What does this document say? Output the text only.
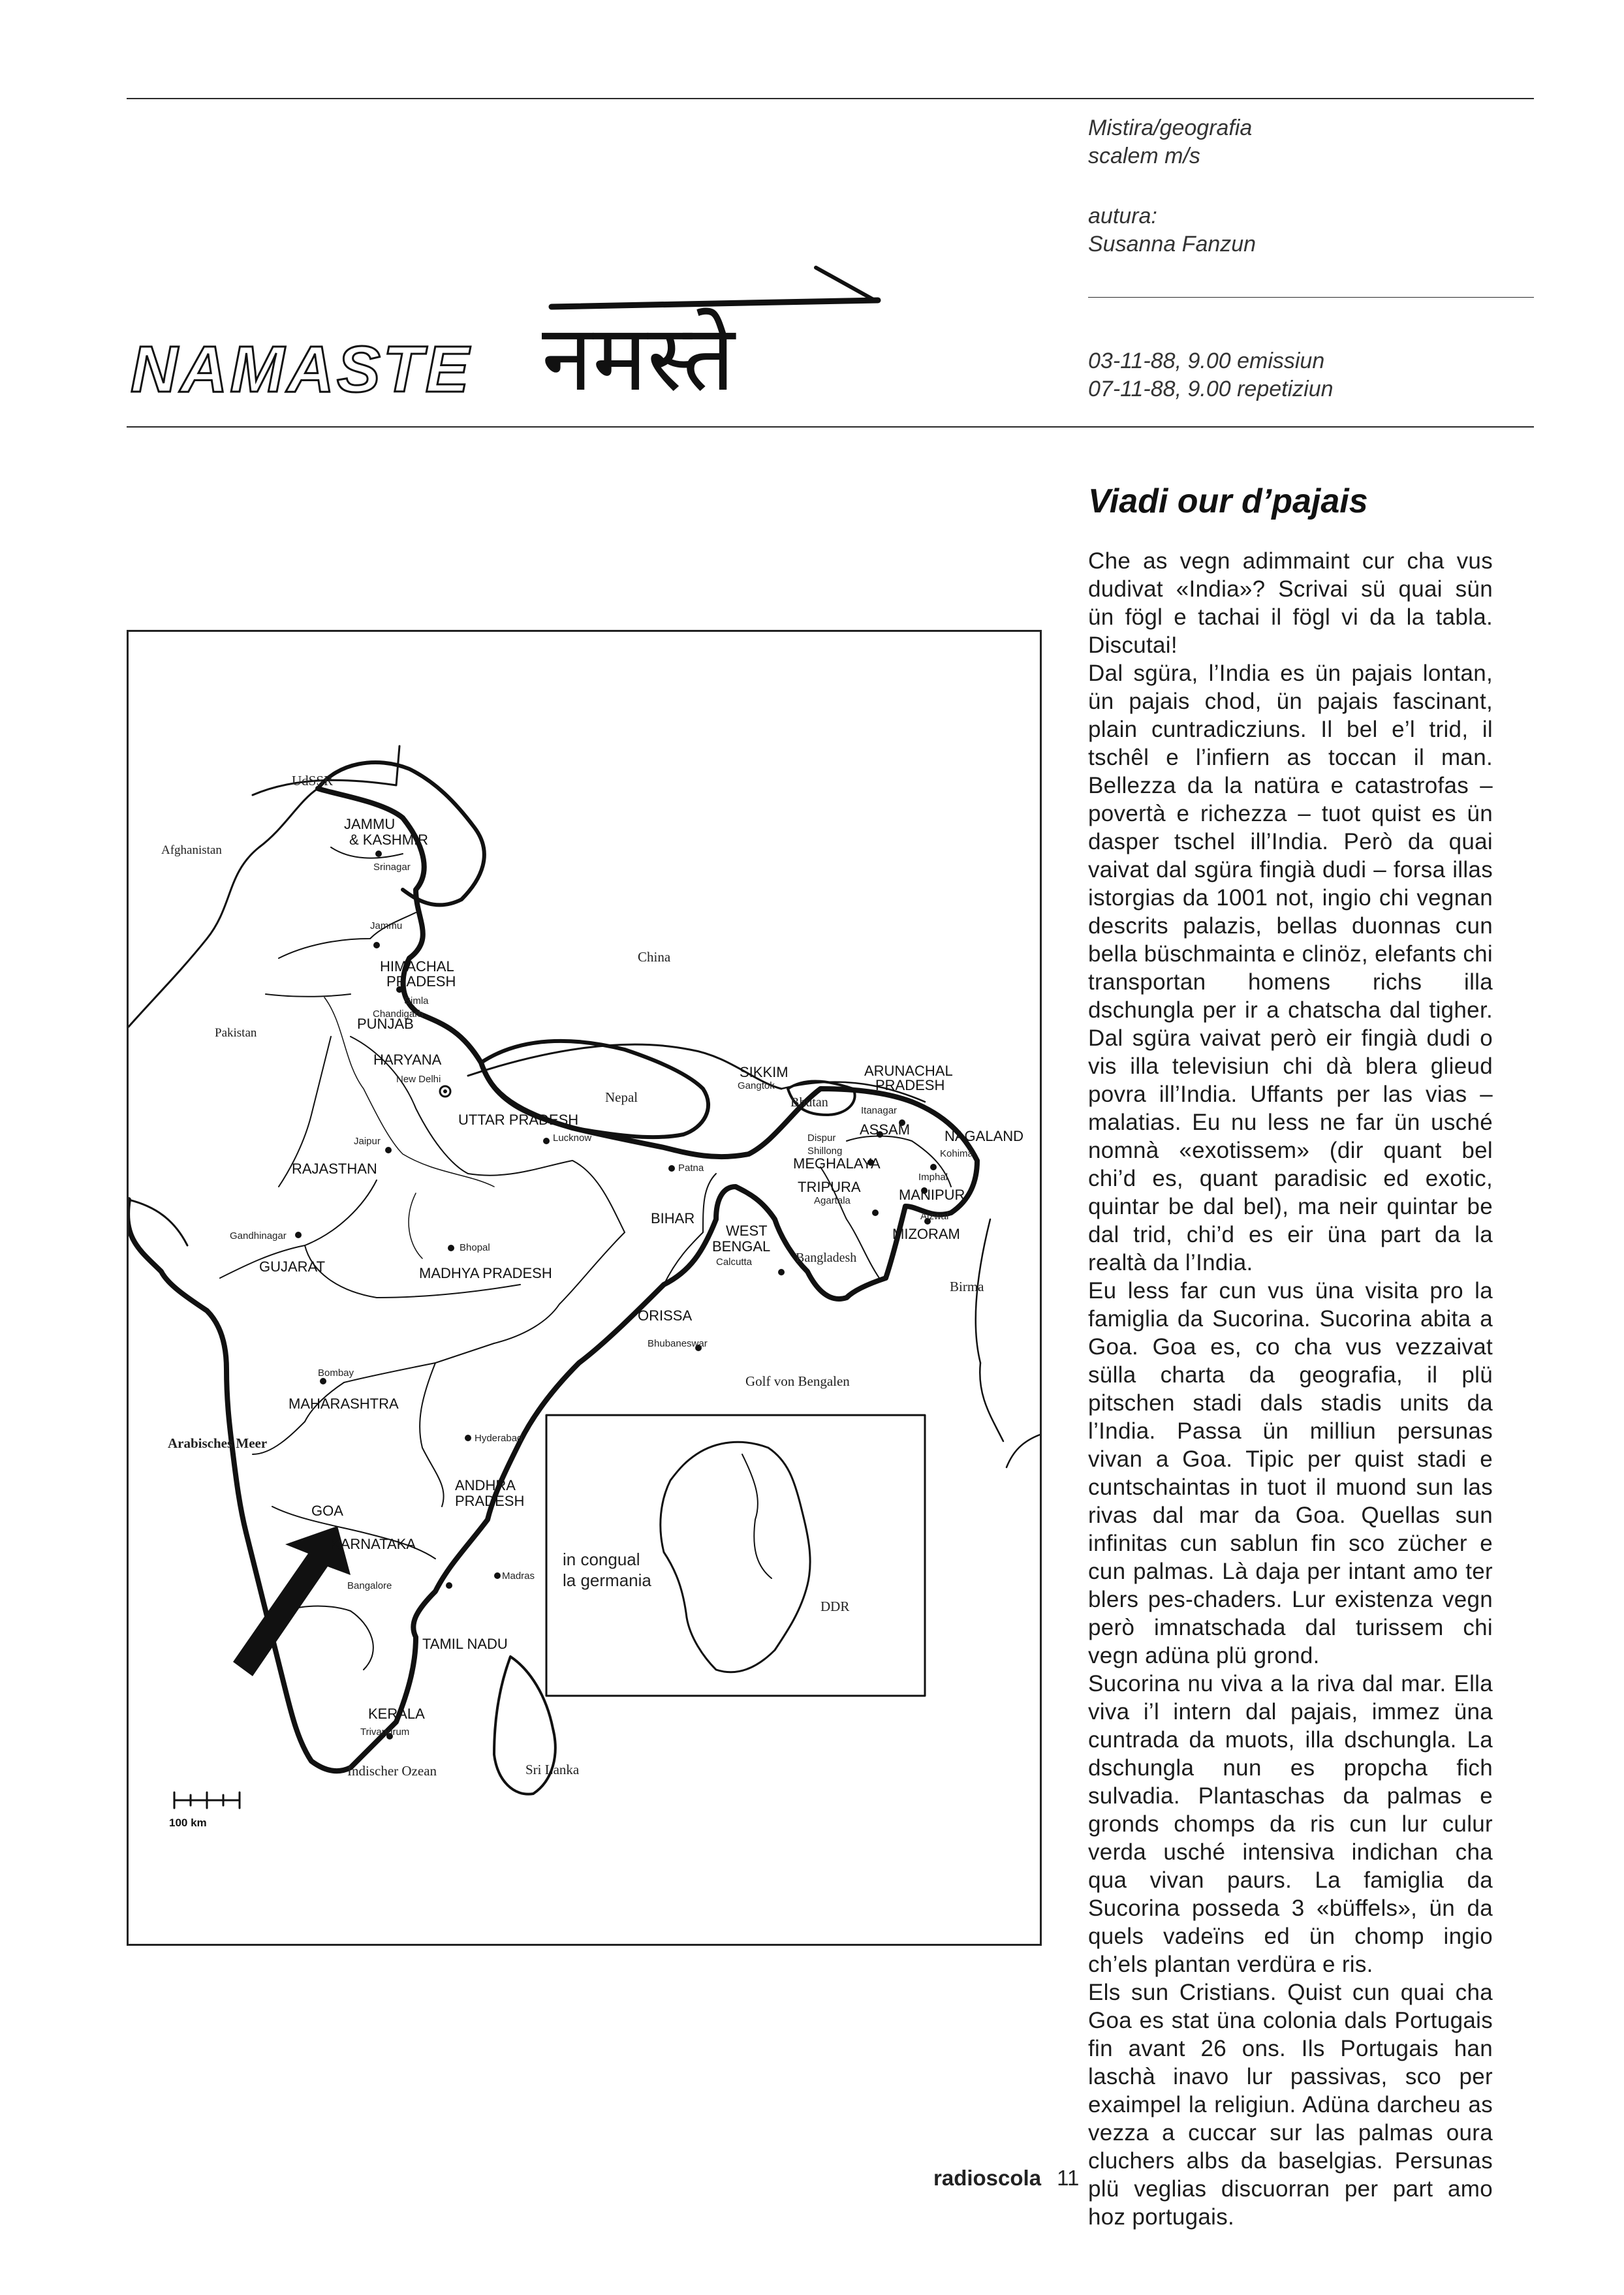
Mistira/geografia
scalem m/s
autura:
Susanna Fanzun
03-11-88, 9.00 emissiun
07-11-88, 9.00 repetiziun
NAMASTE नमस्ते
Viadi our d’pajais

Che as vegn adimmaint cur cha vus dudivat «India»? Scrivai sü quai sün ün fögl e tachai il fögl vi da la tabla. Discutai!

Dal sgüra, l’India es ün pajais lontan, ün pajais chod, ün pajais fascinant, plain cuntradicziuns. Il bel e’l trid, il tschêl e l’infiern as toccan il man. Bellezza da la natüra e catastrofas – povertà e richezza – tuot quist es ün dasper tschel ill’India. Però da quai vaivat dal sgüra fingià dudi – forsa illas istorgias da 1001 not, ingio chi vegnan descrits palazis, bellas duonnas cun bella büschmainta e clinöz, elefants chi transportan homens richs illa dschungla per ir a chatscha dal tigher. Dal sgüra vaivat però eir fingià dudi o vis illa televisiun chi dà blera glieud povra ill’India. Uffants per las vias – malatias. Eu nu less ne far ün usché nomnà «exotissem» (dir quant bel chi’d es, quant paradisic ed exotic, quintar be dal bel), ma neir quintar be dal trid, chi’d es eir üna part da la realtà da l’India.

Eu less far cun vus üna visita pro la famiglia da Sucorina. Sucorina abita a Goa. Goa es, co cha vus vezzaivat sülla charta da geografia, il plü pitschen stadi dals stadis units da l’India. Passa ün milliun persunas vivan a Goa. Tipic per quist stadi e cuntschaintas in tuot il muond sun las rivas dal mar da Goa. Quellas sun infinitas cun sablun fin sco zücher e cun palmas. Là daja per intant amo ter blers pes-chaders. Lur existenza vegn però imnatschada dal turissem chi vegn adüna plü grond.

Sucorina nu viva a la riva dal mar. Ella viva i’l intern dal pajais, immez üna cuntrada da muots, illa dschungla. La dschungla nun es propcha fich sulvadia. Plantaschas da palmas e gronds chomps da ris cun lur culur verda usché intensiva indichan cha qua vivan paurs. La famiglia da Sucorina posseda 3 «büffels», ün da quels vadeïns ed ün chomp ingio ch’els plantan verdüra e ris.

Els sun Cristians. Quist cun quai cha Goa es stat üna colonia dals Portugais fin avant 26 ons. Ils Portugais han laschà inavo lur passivas, sco per exaimpel la religiun. Adüna darcheu as vezza a cuccar sur las palmas oura cluchers albs da baselgias. Persunas plü veglias discuorran per part amo hoz portugais.

UdSSR
Afghanistan
Pakistan
China
Nepal	Bhutan
Bangladesh
Birma
Sri Lanka
Golf von Bengalen
Arabisches Meer
Indischer Ozean
DDR
JAMMU
& KASHMIR
HIMACHAL
PRADESH
PUNJAB
HARYANA
UTTAR PRADESH
RAJASTHAN
GUJARAT	MADHYA PRADESH
BIHAR
WEST
BENGAL
SIKKIM	ARUNACHAL
PRADESH
ASSAM NAGALAND
MEGHALAYA
MANIPUR
TRIPURA
MIZORAM
ORISSA
MAHARASHTRA
ANDHRA
PRADESH
GOA
KARNATAKA
KERALA
TAMIL NADU
Srinagar
Jammu
Simla
Chandigarh
New Delhi
Jaipur	Lucknow
Patna
Gangtok
Itanagar
Dispur
Shillong	Kohima
Imphal
Agartala
Aizwal
Calcutta
Gandhinagar
Bhopal
Bhubaneswar
Bombay
Hyderabad
Bangalore
Madras
Trivandrum
in congual
la germania
100 km
radioscola 11
